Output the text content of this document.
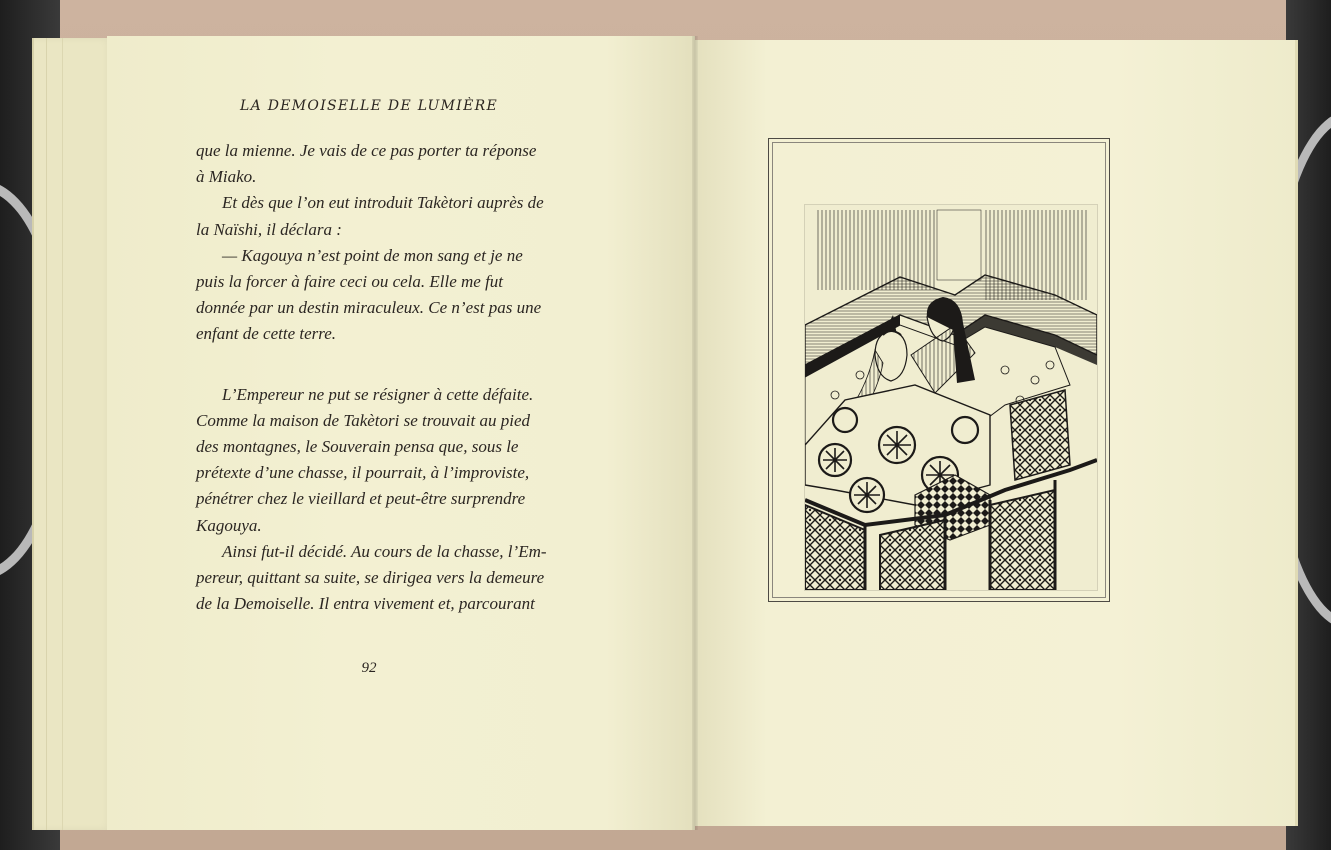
LA DEMOISELLE DE LUMIÈRE

que la mienne. Je vais de ce pas porter ta réponse

à Miako.

Et dès que l’on eut introduit Takètori auprès de

la Naïshi, il déclara :

— Kagouya n’est point de mon sang et je ne

puis la forcer à faire ceci ou cela. Elle me fut

donnée par un destin miraculeux. Ce n’est pas une

enfant de cette terre.

L’Empereur ne put se résigner à cette défaite.

Comme la maison de Takètori se trouvait au pied

des montagnes, le Souverain pensa que, sous le

prétexte d’une chasse, il pourrait, à l’improviste,

pénétrer chez le vieillard et peut-être surprendre

Kagouya.

Ainsi fut-il décidé. Au cours de la chasse, l’Em-

pereur, quittant sa suite, se dirigea vers la demeure

de la Demoiselle. Il entra vivement et, parcourant

92
